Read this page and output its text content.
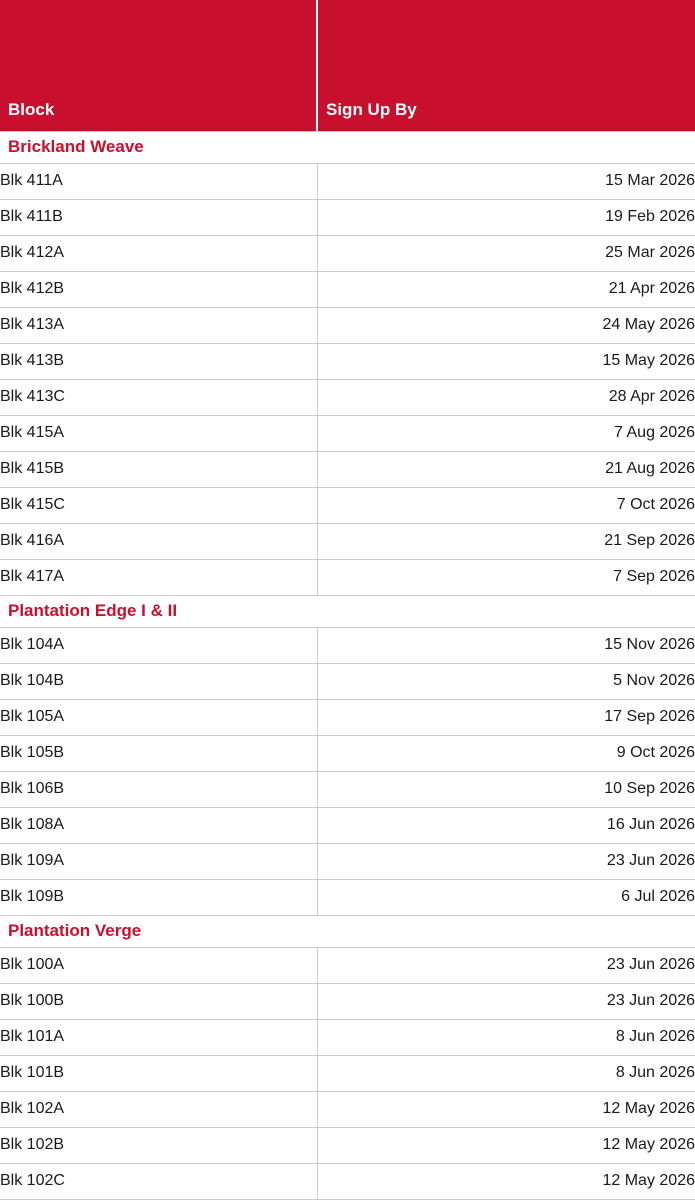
Block	Sign Up By
Brickland Weave	
Blk 411A	15 Mar 2026
Blk 411B	19 Feb 2026
Blk 412A	25 Mar 2026
Blk 412B	21 Apr 2026
Blk 413A	24 May 2026
Blk 413B	15 May 2026
Blk 413C	28 Apr 2026
Blk 415A	7 Aug 2026
Blk 415B	21 Aug 2026
Blk 415C	7 Oct 2026
Blk 416A	21 Sep 2026
Blk 417A	7 Sep 2026
Plantation Edge I & II	
Blk 104A	15 Nov 2026
Blk 104B	5 Nov 2026
Blk 105A	17 Sep 2026
Blk 105B	9 Oct 2026
Blk 106B	10 Sep 2026
Blk 108A	16 Jun 2026
Blk 109A	23 Jun 2026
Blk 109B	6 Jul 2026
Plantation Verge	
Blk 100A	23 Jun 2026
Blk 100B	23 Jun 2026
Blk 101A	8 Jun 2026
Blk 101B	8 Jun 2026
Blk 102A	12 May 2026
Blk 102B	12 May 2026
Blk 102C	12 May 2026
